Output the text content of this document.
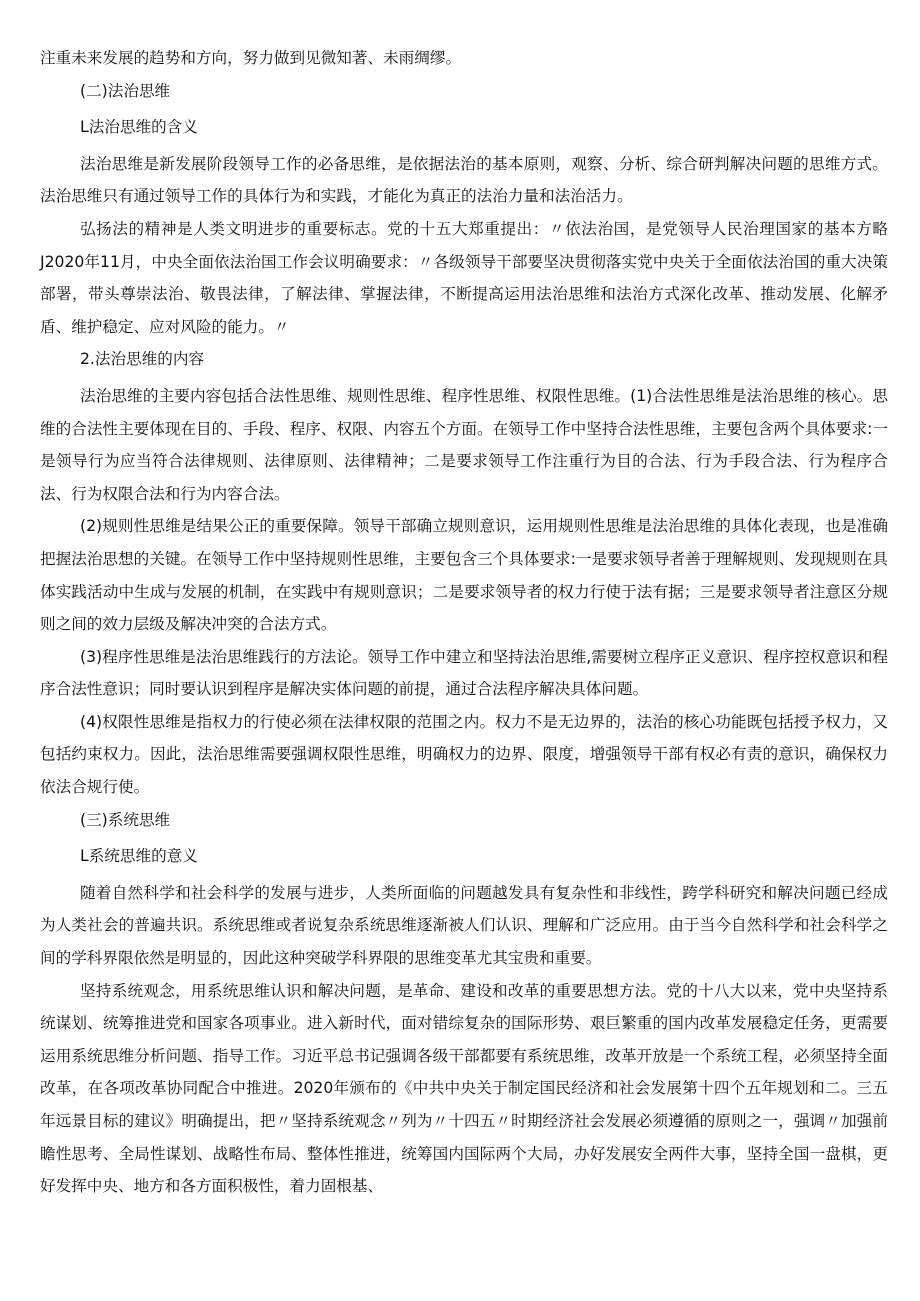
注重未来发展的趋势和方向，努力做到见微知著、未雨绸缪。

(二)法治思维

L法治思维的含义

法治思维是新发展阶段领导工作的必备思维，是依据法治的基本原则，观察、分析、综合研判解决问题的思维方式。法治思维只有通过领导工作的具体行为和实践，才能化为真正的法治力量和法治活力。

弘扬法的精神是人类文明进步的重要标志。党的十五大郑重提出：〃依法治国，是党领导人民治理国家的基本方略J2020年11月，中央全面依法治国工作会议明确要求：〃各级领导干部要坚决贯彻落实党中央关于全面依法治国的重大决策部署，带头尊崇法治、敬畏法律，了解法律、掌握法律，不断提高运用法治思维和法治方式深化改革、推动发展、化解矛盾、维护稳定、应对风险的能力。〃

2.法治思维的内容

法治思维的主要内容包括合法性思维、规则性思维、程序性思维、权限性思维。(1)合法性思维是法治思维的核心。思维的合法性主要体现在目的、手段、程序、权限、内容五个方面。在领导工作中坚持合法性思维，主要包含两个具体要求:一是领导行为应当符合法律规则、法律原则、法律精神；二是要求领导工作注重行为目的合法、行为手段合法、行为程序合法、行为权限合法和行为内容合法。

(2)规则性思维是结果公正的重要保障。领导干部确立规则意识，运用规则性思维是法治思维的具体化表现，也是准确把握法治思想的关键。在领导工作中坚持规则性思维，主要包含三个具体要求:一是要求领导者善于理解规则、发现规则在具体实践活动中生成与发展的机制，在实践中有规则意识；二是要求领导者的权力行使于法有据；三是要求领导者注意区分规则之间的效力层级及解决冲突的合法方式。

(3)程序性思维是法治思维践行的方法论。领导工作中建立和坚持法治思维,需要树立程序正义意识、程序控权意识和程序合法性意识；同时要认识到程序是解决实体问题的前提，通过合法程序解决具体问题。

(4)权限性思维是指权力的行使必须在法律权限的范围之内。权力不是无边界的，法治的核心功能既包括授予权力，又包括约束权力。因此，法治思维需要强调权限性思维，明确权力的边界、限度，增强领导干部有权必有责的意识，确保权力依法合规行使。

(三)系统思维

L系统思维的意义

随着自然科学和社会科学的发展与进步，人类所面临的问题越发具有复杂性和非线性，跨学科研究和解决问题已经成为人类社会的普遍共识。系统思维或者说复杂系统思维逐渐被人们认识、理解和广泛应用。由于当今自然科学和社会科学之间的学科界限依然是明显的，因此这种突破学科界限的思维变革尤其宝贵和重要。

坚持系统观念，用系统思维认识和解决问题，是革命、建设和改革的重要思想方法。党的十八大以来，党中央坚持系统谋划、统筹推进党和国家各项事业。进入新时代，面对错综复杂的国际形势、艰巨繁重的国内改革发展稳定任务，更需要运用系统思维分析问题、指导工作。习近平总书记强调各级干部都要有系统思维，改革开放是一个系统工程，必须坚持全面改革，在各项改革协同配合中推进。2020年颁布的《中共中央关于制定国民经济和社会发展第十四个五年规划和二。三五年远景目标的建议》明确提出，把〃坚持系统观念〃列为〃十四五〃时期经济社会发展必须遵循的原则之一，强调〃加强前瞻性思考、全局性谋划、战略性布局、整体性推进，统筹国内国际两个大局，办好发展安全两件大事，坚持全国一盘棋，更好发挥中央、地方和各方面积极性，着力固根基、
